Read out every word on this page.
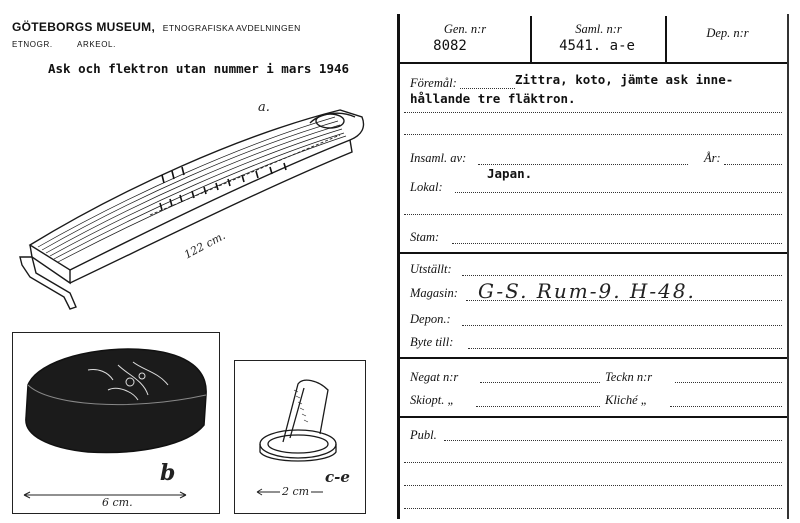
GÖTEBORGS MUSEUM, ETNOGRAFISKA AVDELNINGEN
ETNOGR.	ARKEOL.
Ask och flektron utan nummer i mars 1946
a.
122 cm.
b
6 cm.
c-e
2 cm
Gen. n:r
8082
Saml. n:r
4541. a-e
Dep. n:r
Föremål:	Zittra, koto, jämte ask inne-
hållande tre fläktron.
Insaml. av:	År:
Japan.
Lokal:
Stam:
Utställt:
Magasin: G-S. Rum-9. H-48.
Depon.:
Byte till:
Negat n:r	Teckn n:r
Skiopt. „	Kliché „
Publ.
